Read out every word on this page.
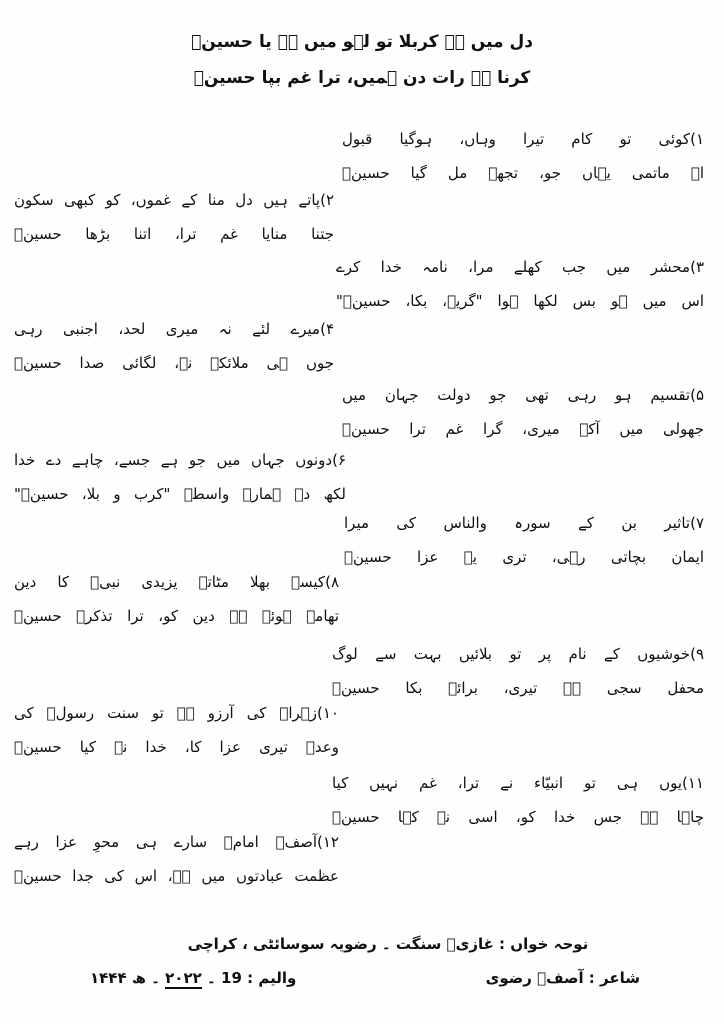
دل میں ہے کربلا تو لہو میں ہے یا حسینؑ
کرنا ہے رات دن ہمیں، ترا غم بپا حسینؑ
۱)کوئی تو کام تیرا وہاں، ہوگیا قبول
اے ماتمی یہاں جو، تجھے مل گیا حسینؑ
۲)پاتے ہیں دل منا کے غموں، کو کبھی سکون
جتنا منایا غم ترا، اتنا بڑھا حسینؑ
۳)محشر میں جب کھلے مرا، نامہ خدا کرے
اس میں ہو بس لکھا ہوا "گریہ، بکا، حسینؑ"
۴)میرے لئے نہ میری لحد، اجنبی رہی
جوں ہی ملائکہ نے، لگائی صدا حسینؑ
۵)تقسیم ہو رہی تھی جو دولت جہان میں
جھولی میں آکے میری، گرا غم ترا حسینؑ
۶)دونوں جہاں میں جو ہے جسے، چاہے دے خدا
لکھ دے ہمارے واسطے "کرب و بلا، حسینؑ"
۷)تاثیر بن کے سورہ والناس کی میرا
ایمان بچاتی رہی، تری یہ عزا حسینؑ
۸)کیسے بھلا مٹاتے یزیدی نبیؐ کا دین
تھامے ہوئے ہے دین کو، ترا تذکرہ حسینؑ
۹)خوشیوں کے نام پر تو بلائیں بہت سے لوگ
محفل سجی ہے تیری، برائے بکا حسینؑ
۱۰)زہراؑ کی آرزو ہے تو سنت رسولؐ کی
وعدہ تیری عزا کا، خدا نے کیا حسینؑ
۱۱)یوں ہی تو انبیّاء نے ترا، غم نہیں کیا
چاہا ہے جس خدا کو، اسی نے کہا حسینؑ
۱۲)آصفؔ امامؑ سارے ہی محوِ عزا رہے
عظمت عبادتوں میں ہے، اس کی جدا حسینؑ
نوحہ خواں : غازیؑ سنگت ۔ رضویہ سوسائٹی ، کراچی
شاعر : آصفؔ رضوی
والیم : 19 ۔ ۲۰۲۲ ۔ ھ ۱۴۴۴
